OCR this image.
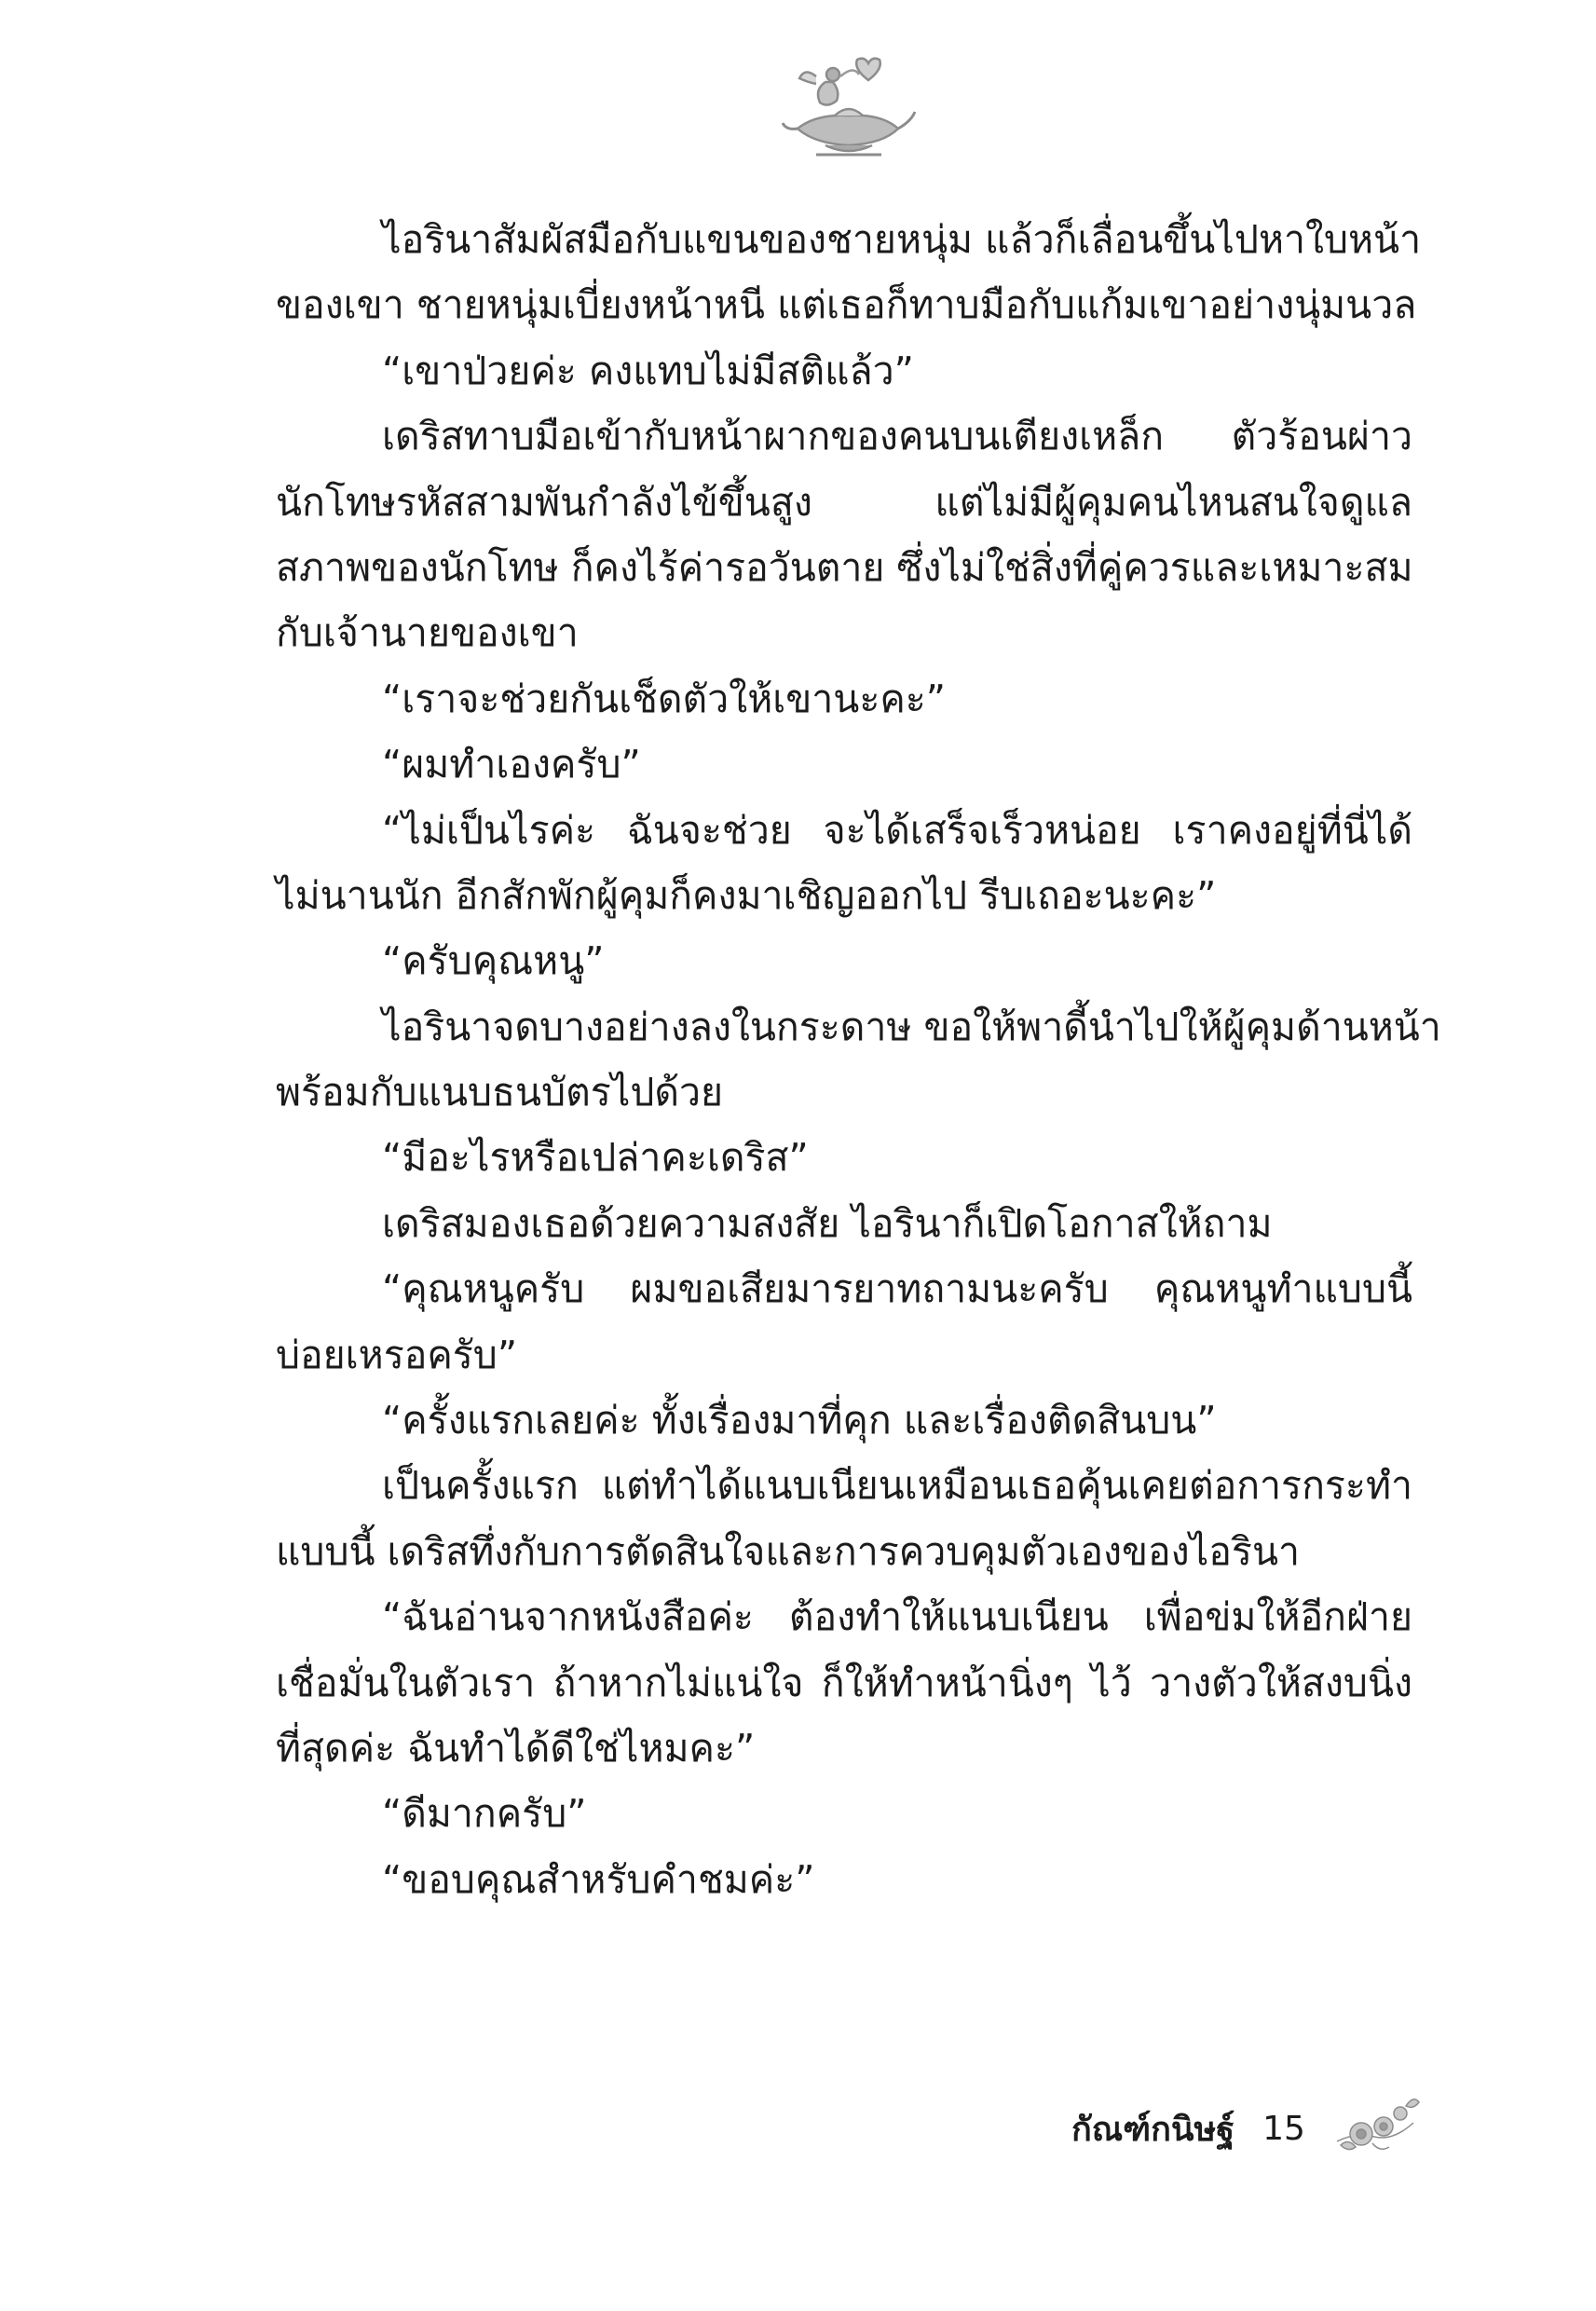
ไอรินาสัมผัสมือกับแขนของชายหนุ่ม แล้วก็เลื่อนขึ้นไปหาใบหน้า
ของเขา ชายหนุ่มเบี่ยงหน้าหนี แต่เธอก็ทาบมือกับแก้มเขาอย่างนุ่มนวล
“เขาป่วยค่ะ คงแทบไม่มีสติแล้ว”
เดริสทาบมือเข้ากับหน้าผากของคนบนเตียงเหล็ก ตัวร้อนผ่าว
นักโทษรหัสสามพันกำลังไข้ขึ้นสูง แต่ไม่มีผู้คุมคนไหนสนใจดูแล
สภาพของนักโทษ ก็คงไร้ค่ารอวันตาย ซึ่งไม่ใช่สิ่งที่คู่ควรและเหมาะสม
กับเจ้านายของเขา
“เราจะช่วยกันเช็ดตัวให้เขานะคะ”
“ผมทำเองครับ”
“ไม่เป็นไรค่ะ ฉันจะช่วย จะได้เสร็จเร็วหน่อย เราคงอยู่ที่นี่ได้
ไม่นานนัก อีกสักพักผู้คุมก็คงมาเชิญออกไป รีบเถอะนะคะ”
“ครับคุณหนู”
ไอรินาจดบางอย่างลงในกระดาษ ขอให้พาดี้นำไปให้ผู้คุมด้านหน้า
พร้อมกับแนบธนบัตรไปด้วย
“มีอะไรหรือเปล่าคะเดริส”
เดริสมองเธอด้วยความสงสัย ไอรินาก็เปิดโอกาสให้ถาม
“คุณหนูครับ ผมขอเสียมารยาทถามนะครับ คุณหนูทำแบบนี้
บ่อยเหรอครับ”
“ครั้งแรกเลยค่ะ ทั้งเรื่องมาที่คุก และเรื่องติดสินบน”
เป็นครั้งแรก แต่ทำได้แนบเนียนเหมือนเธอคุ้นเคยต่อการกระทำ
แบบนี้ เดริสทึ่งกับการตัดสินใจและการควบคุมตัวเองของไอรินา
“ฉันอ่านจากหนังสือค่ะ ต้องทำให้แนบเนียน เพื่อข่มให้อีกฝ่าย
เชื่อมั่นในตัวเรา ถ้าหากไม่แน่ใจ ก็ให้ทำหน้านิ่งๆ ไว้ วางตัวให้สงบนิ่ง
ที่สุดค่ะ ฉันทำได้ดีใช่ไหมคะ”
“ดีมากครับ”
“ขอบคุณสำหรับคำชมค่ะ”
กัณฑ์กนิษฐ์ 15
